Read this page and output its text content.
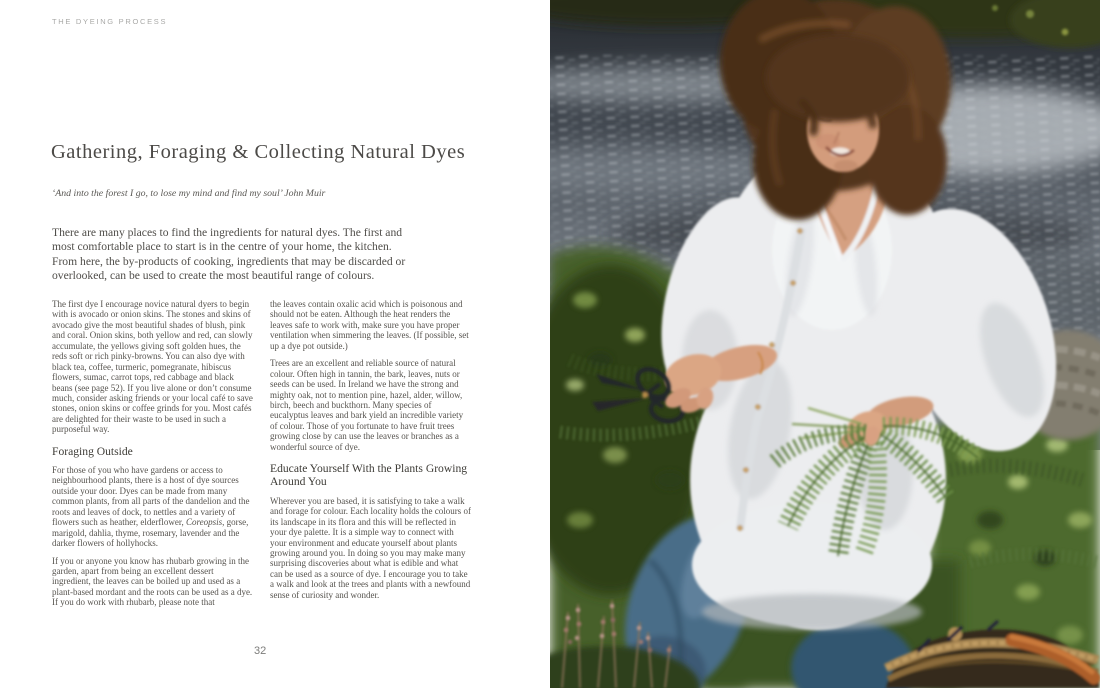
THE DYEING PROCESS
Gathering, Foraging & Collecting Natural Dyes
‘And into the forest I go, to lose my mind and find my soul’ John Muir
There are many places to find the ingredients for natural dyes. The first and most comfortable place to start is in the centre of your home, the kitchen. From here, the by-products of cooking, ingredients that may be discarded or overlooked, can be used to create the most beautiful range of colours.

The first dye I encourage novice natural dyers to begin with is avocado or onion skins. The stones and skins of avocado give the most beautiful shades of blush, pink and coral. Onion skins, both yellow and red, can slowly accumulate, the yellows giving soft golden hues, the reds soft or rich pinky-browns. You can also dye with black tea, coffee, turmeric, pomegranate, hibiscus flowers, sumac, carrot tops, red cabbage and black beans (see page 52). If you live alone or don’t consume much, consider asking friends or your local café to save stones, onion skins or coffee grinds for you. Most cafés are delighted for their waste to be used in such a purposeful way.

Foraging Outside

For those of you who have gardens or access to neighbourhood plants, there is a host of dye sources outside your door. Dyes can be made from many common plants, from all parts of the dandelion and the roots and leaves of dock, to nettles and a variety of flowers such as heather, elderflower, Coreopsis, gorse, marigold, dahlia, thyme, rosemary, lavender and the darker flowers of hollyhocks.

If you or anyone you know has rhubarb growing in the garden, apart from being an excellent dessert ingredient, the leaves can be boiled up and used as a plant-based mordant and the roots can be used as a dye. If you do work with rhubarb, please note that

the leaves contain oxalic acid which is poisonous and should not be eaten. Although the heat renders the leaves safe to work with, make sure you have proper ventilation when simmering the leaves. (If possible, set up a dye pot outside.)

Trees are an excellent and reliable source of natural colour. Often high in tannin, the bark, leaves, nuts or seeds can be used. In Ireland we have the strong and mighty oak, not to mention pine, hazel, alder, willow, birch, beech and buckthorn. Many species of eucalyptus leaves and bark yield an incredible variety of colour. Those of you fortunate to have fruit trees growing close by can use the leaves or branches as a wonderful source of dye.

Educate Yourself With the Plants Growing Around You

Wherever you are based, it is satisfying to take a walk and forage for colour. Each locality holds the colours of its landscape in its flora and this will be reflected in your dye palette. It is a simple way to connect with your environment and educate yourself about plants growing around you. In doing so you may make many surprising discoveries about what is edible and what can be used as a source of dye. I encourage you to take a walk and look at the trees and plants with a newfound sense of curiosity and wonder.

32
